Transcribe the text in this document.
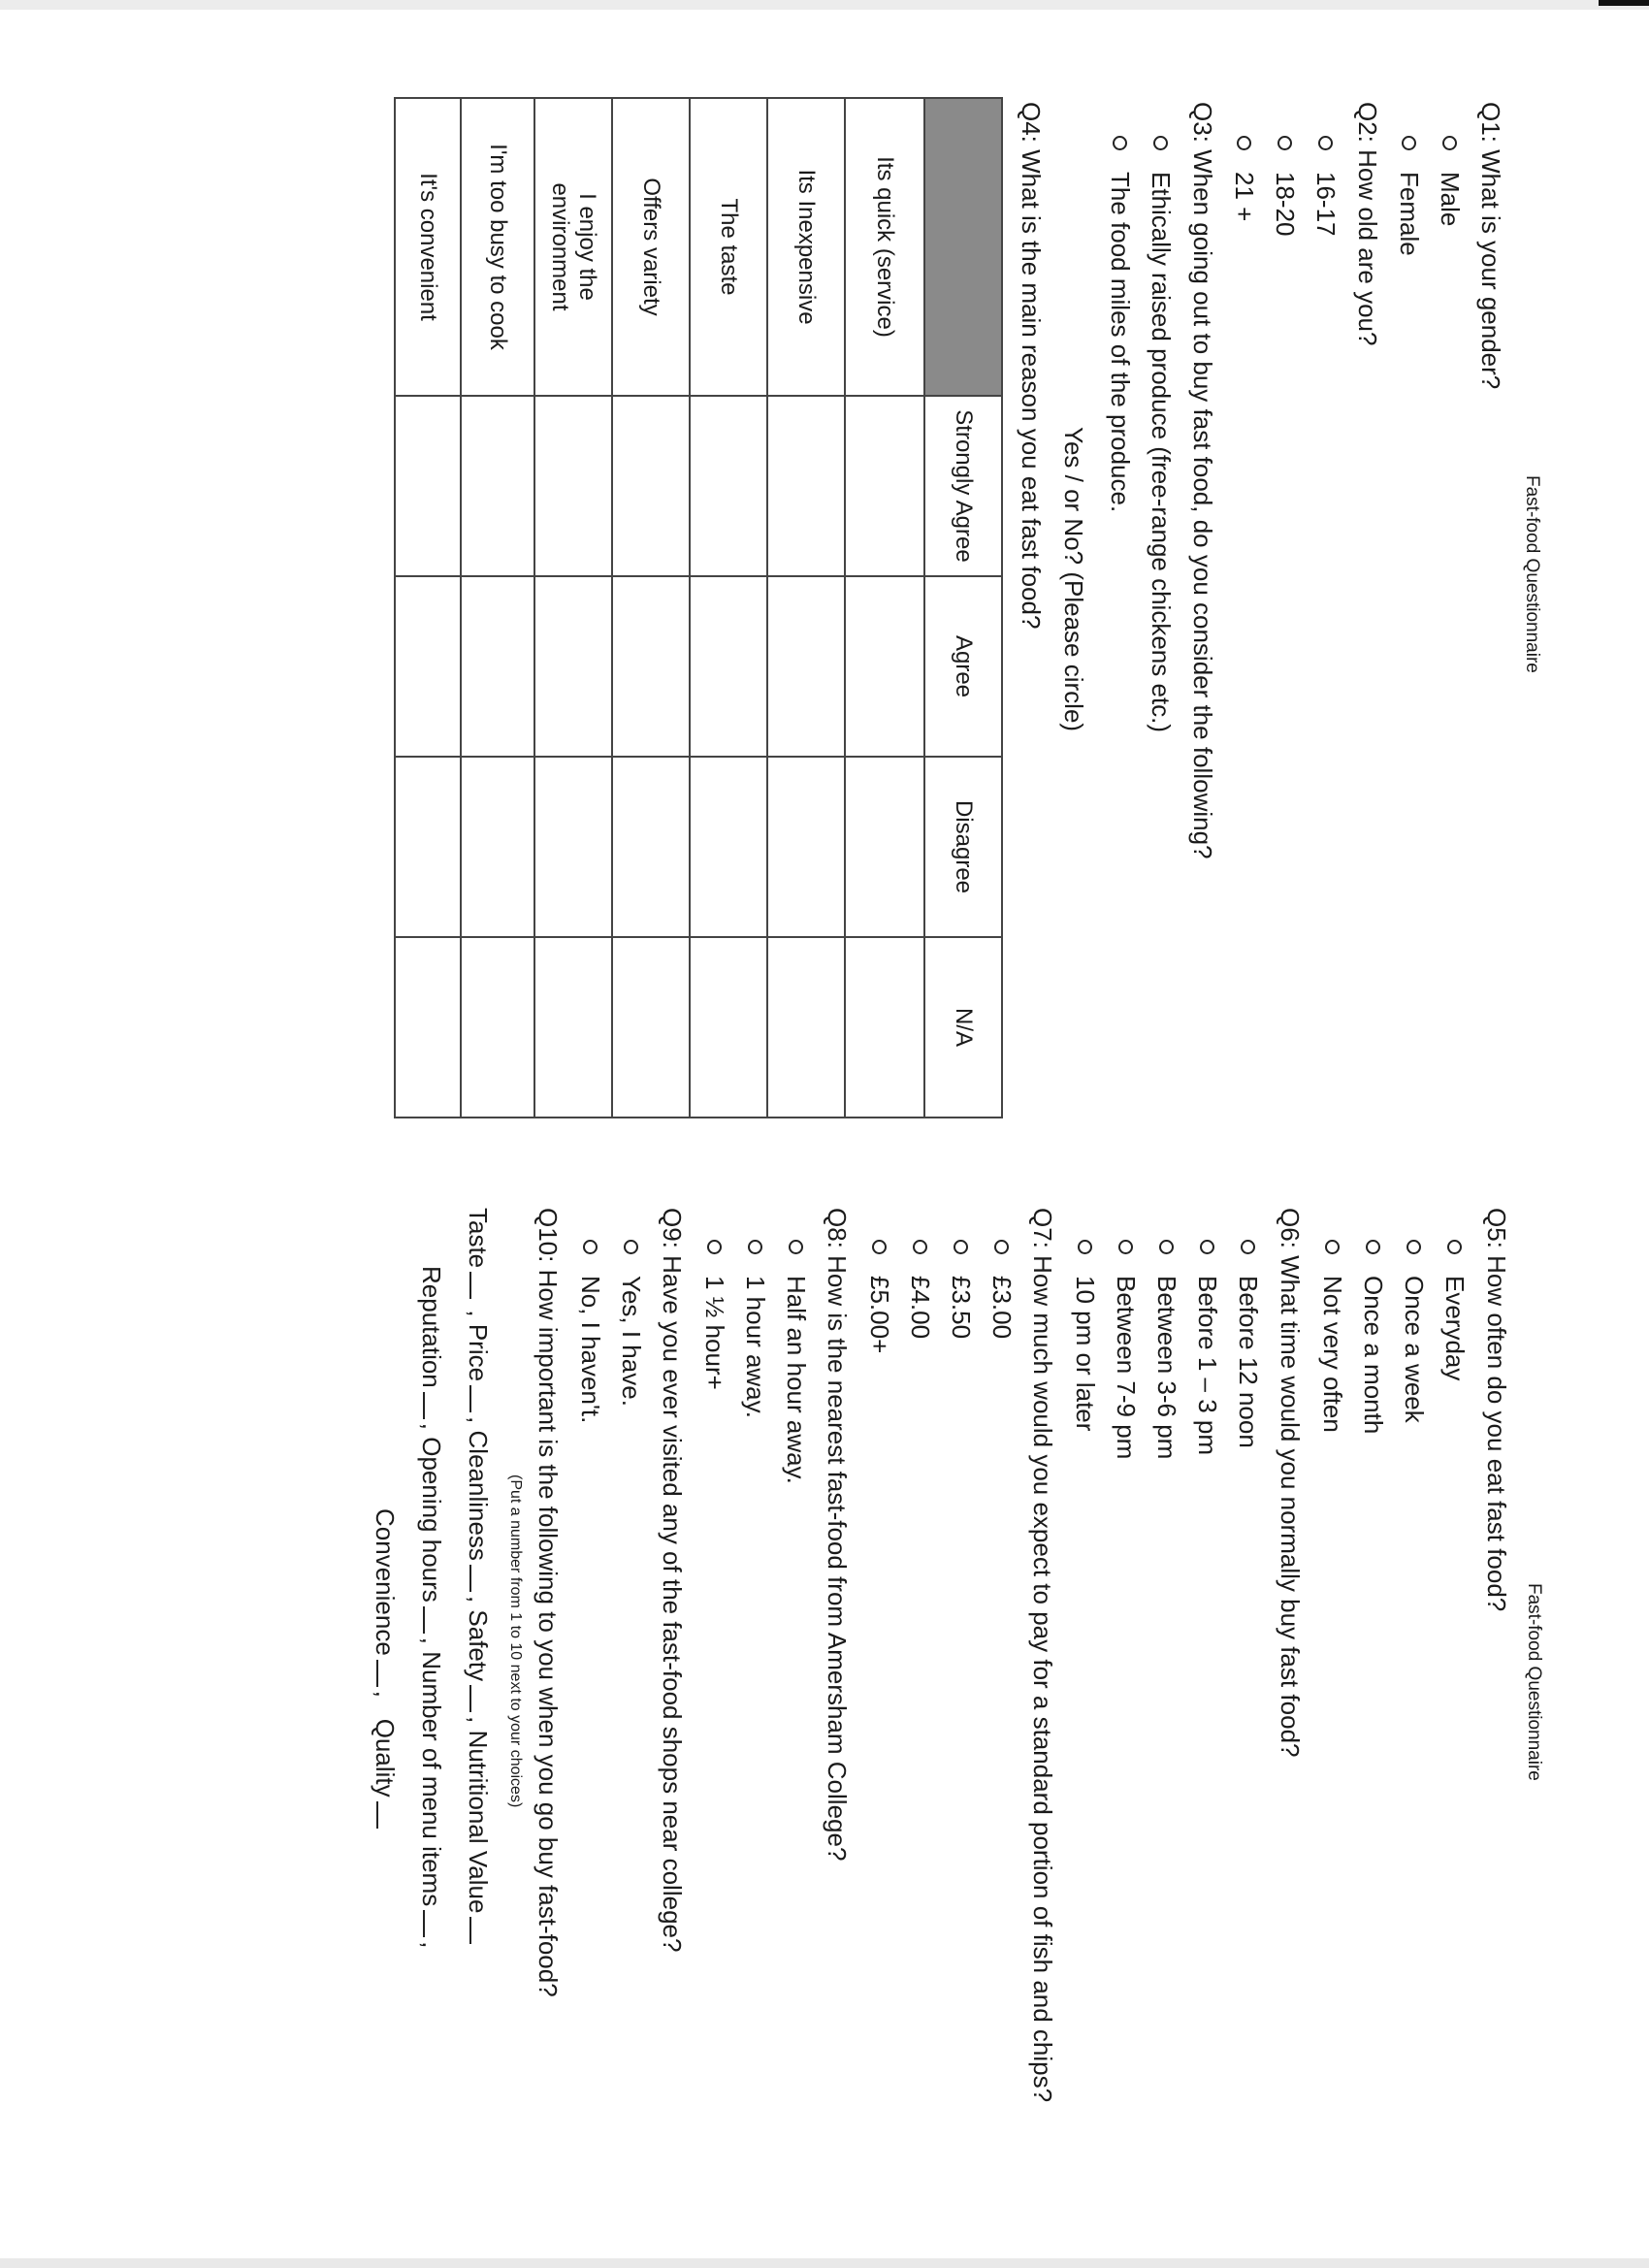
Fast-food Questionnaire
Q1: What is your gender?
Male
Female
Q2: How old are you?
16-17
18-20
21 +
Q3: When going out to buy fast food, do you consider the following?
Ethically raised produce (free-range chickens etc.)
The food miles of the produce.
Yes / or No? (Please circle)
Q4: What is the main reason you eat fast food?
	Strongly Agree	Agree	Disagree	N/A
Its quick (service)				
Its Inexpensive				
The taste				
Offers variety				
I enjoy the environment				
I'm too busy to cook				
It's convenient				
Fast-food Questionnaire
Q5: How often do you eat fast food?
Everyday
Once a week
Once a month
Not very often
Q6: What time would you normally buy fast food?
Before 12 noon
Before 1 – 3 pm
Between 3-6 pm
Between 7-9 pm
10 pm or later
Q7: How much would you expect to pay for a standard portion of fish and chips?
£3.00
£3.50
£4.00
£5.00+
Q8: How is the nearest fast-food from Amersham College?
Half an hour away.
1 hour away.
1 ½ hour+
Q9: Have you ever visited any of the fast-food shops near college?
Yes, I have.
No, I haven't.
Q10: How important is the following to you when you go buy fast-food?
(Put a number from 1 to 10 next to your choices)
Taste , Price, Cleanliness, Safety, Nutritional Value
Reputation, Opening hours, Number of menu items,
Convenience,   Quality
